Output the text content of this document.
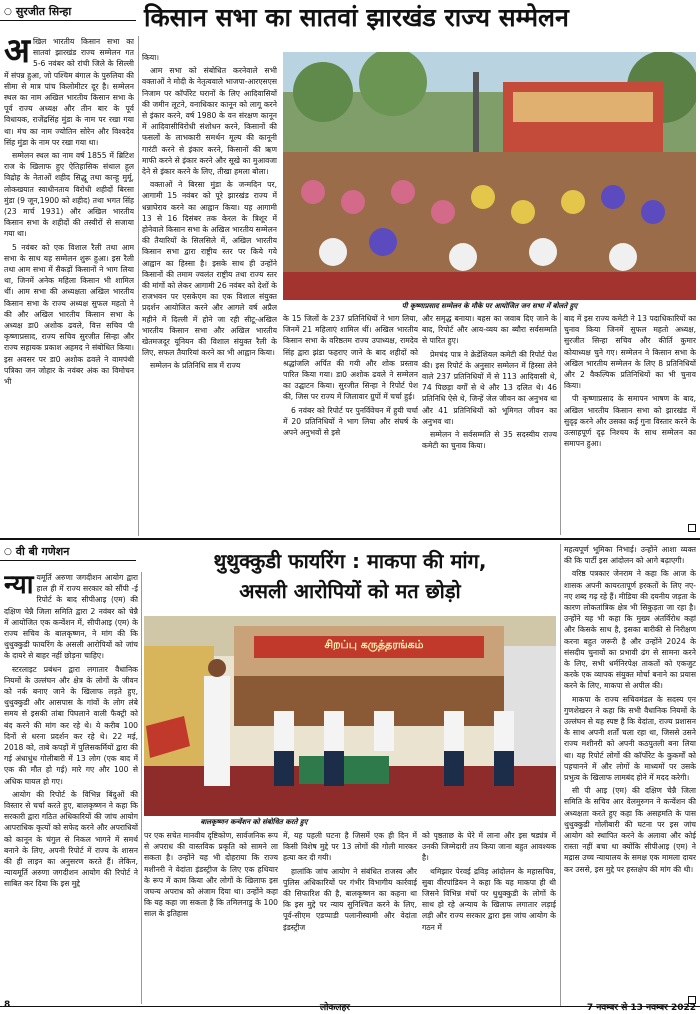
○ सुरजीत सिन्हा	किसान सभा का सातवां झारखंड राज्य सम्मेलन

अखिल भारतीय किसान सभा का सातवां झारखंड राज्य सम्मेलन गत 5-6 नवंबर को रांची जिले के सिल्ली में संपन्न हुआ, जो पश्चिम बंगाल के पुरुलिया की सीमा से मात्र पांच किलोमीटर दूर है। सम्मेलन स्थल का नाम अखिल भारतीय किसान सभा के पूर्व राज्य अध्यक्ष और तीन बार के पूर्व विधायक, राजेंद्रसिंह मुंडा के नाम पर रखा गया था। मंच का नाम ज्योतिन सोरेन और विश्वदेव सिंह मुंडा के नाम पर रखा गया था।

सम्मेलन स्थल का नाम वर्ष 1855 में ब्रिटिश राज के खिलाफ हुए ऐतिहासिक संथाल हूल विद्रोह के नेताओं शहीद सिद्धू तथा कान्हू मुर्मू, लोकखयात स्वाधीनताय विरोधी शहीदों बिरसा मुंडा (9 जून,1900 को शहीद) तथा भगत सिंह (23 मार्च 1931) और अखिल भारतीय किसान सभा के शहीदों की तस्वीरों से सजाया गया था।

5 नवंबर को एक विशाल रैली तथा आम सभा के साथ यह सम्मेलन शुरू हुआ। इस रैली तथा आम सभा में सैकड़ों किसानों ने भाग लिया था, जिनमें अनेक महिला किसान भी शामिल थीं। आम सभा की अध्यक्षता अखिल भारतीय किसान सभा के राज्य अध्यक्ष सुफल महतो ने की और अखिल भारतीय किसान सभा के अध्यक्ष डा0 अशोक ढवले, वित्त सचिव पी कृष्णाप्रसाद, राज्य सचिव सुरजीत सिन्हा और राज्य सहायक प्रकाश अहमद ने संबोधित किया। इस अवसर पर डा0 अशोक ढवले ने वामपंथी पत्रिका जन जोहार के नवंबर अंक का विमोचन भी

किया।

आम सभा को संबोधित करनेवाले सभी वक्ताओं ने मोदी के नेतृत्ववाले भाजपा-आरएसएस निजाम पर कॉर्पोरेट घरानों के लिए आदिवासियों की जमीन लूटने, वनाधिकार कानून को लागू करने से इंकार करने, वर्ष 1980 के वन संरक्षण कानून में आदिवासीविरोधी संशोधन करने, किसानों की फसलों के लाभकारी समर्थन मूल्य की कानूनी गारंटी करने से इंकार करने, किसानों की ऋण माफी करने से इंकार करने और सूखे का मुआवजा देने से इंकार करने के लिए, तीखा हमला बोला।

वक्ताओं ने बिरसा मुंडा के जन्मदिन पर, आगामी 15 नवंबर को पूरे झारखंड राज्य में धन्नाघेराव करने का आह्वान किया। यह आगामी 13 से 16 दिसंबर तक केरल के त्रिशूर में होनेवाले किसान सभा के अखिल भारतीय सम्मेलन की तैयारियों के सिलसिले में, अखिल भारतीय किसान सभा द्वारा राष्ट्रीय स्तर पर किये गये आह्वान का हिस्सा है। इसके साथ ही उन्होंने किसानों की तमाम ज्वलंत राष्ट्रीय तथा राज्य स्तर की मांगों को लेकर आगामी 26 नवंबर को देशों के राजभवन पर एसकेएम का एक विशाल संयुक्त प्रदर्शन आयोजित करने और आगले वर्ष अप्रैल महीने में दिल्ली में होने जा रही सीटू-अखिल भारतीय किसान सभा और अखिल भारतीय खेतमजदूर यूनियन की विशाल संयुक्त रैली के लिए, सफल तैयारियां करने का भी आह्वान किया।

सम्मेलन के प्रतिनिधि सत्र में राज्य

पी कृष्णाप्रसाद सम्मेलन के मौके पर आयोजित जन सभा में बोलते हुए

के 15 जिलों के 237 प्रतिनिधियों ने भाग लिया, जिनमें 21 महिलाएं शामिल थीं। अखिल भारतीय किसान सभा के वरिष्ठतम राज्य उपाध्यक्ष, रामदेव सिंह द्वारा झंडा फहराए जाने के बाद शहीदों को श्रद्धांजलि अर्पित की गयी और शोक प्रस्ताव पारित किया गया। डा0 अशोक ढवले ने सम्मेलन का उद्घाटन किया। सुरजीत सिन्हा ने रिपोर्ट पेश की, जिस पर राज्य में जिलावार ग्रुपों में चर्चा हुई।

6 नवंबर को रिपोर्ट पर पुनर्विवेचन में हुयी चर्चा में 20 प्रतिनिधियों ने भाग लिया और संघर्ष के अपने अनुभवों से इसे

और समृद्ध बनाया। बहस का जवाब दिए जाने के बाद, रिपोर्ट और आय-व्यय का ब्यौरा सर्वसम्मति से पारित हुए।

प्रेमचंद पात्र ने क्रेडेंशियल कमेटी की रिपोर्ट पेश की। इस रिपोर्ट के अनुसार सम्मेलन में हिस्सा लेने वाले 237 प्रतिनिधियों में से 113 आदिवासी थे, 74 पिछड़ा वर्गों से थे और 13 दलित थे। 46 प्रतिनिधि ऐसे थे, जिन्हें जेल जीवन का अनुभव था और 41 प्रतिनिधियों को भूमिगत जीवन का अनुभव था।

सम्मेलन ने सर्वसम्मति से 35 सदस्यीय राज्य कमेटी का चुनाव किया।

बाद में इस राज्य कमेटी ने 13 पदाधिकारियों का चुनाव किया जिनमें सुफल महतो अध्यक्ष, सुरजीत सिन्हा सचिव और कीर्ति कुमार कोयाध्यक्ष चुने गए। सम्मेलन ने किसान सभा के अखिल भारतीय सम्मेलन के लिए 8 प्रतिनिधियों और 2 वैकल्पिक प्रतिनिधियों का भी चुनाव किया।

पी कृष्णाप्रसाद के समापन भाषण के बाद, अखिल भारतीय किसान सभा को झारखंड में सुदृढ़ करने और उसका कई गुना विस्तार करने के उत्साहपूर्ण दृढ़ निश्चय के साथ सम्मेलन का समापन हुआ।

○ वी बी गणेशन	थुथुक्कुडी फायरिंग : माकपा की मांग,
असली आरोपियों को मत छोड़ो

न्या यमूर्ति अरुणा जगदीशन आयोग द्वारा हाल ही में राज्य सरकार को सौंपी -ई रिपोर्ट के बाद सीपीआइ (एम) की दक्षिण चेन्नै जिला समिति द्वारा 2 नवंबर को चेन्नै में आयोजित एक कन्वेंशन में, सीपीआइ (एम) के राज्य सचिव के बालकृष्णन, ने मांग की कि थुथुक्कुडी फायरिंग के असली आरोपियों को जांच के दायरे से बाहर नहीं छोड़ना चाहिए।

स्टरलाइट प्रबंधन द्वारा लगातार वैधानिक नियमों के उल्लंघन और क्षेत्र के लोगों के जीवन को नर्क बनाए जाने के खिलाफ लड़ते हुए, थुथुक्कुडी और आसपास के गांवों के लोग लंबे समय से इसकी तांबा पिघलाने वाली फैक्ट्री को बंद करने की मांग कर रहे थे। ये करीब 100 दिनों से धरना प्रदर्शन कर रहे थे। 22 मई, 2018 को, ताबे कपड़ों में पुलिसकर्मियों द्वारा की गई अंधाधुंध गोलीबारी में 13 लोग (एक बाद में एक की मौत हो गई) मारे गए और 100 से अधिक घायल हो गए।

आयोग की रिपोर्ट के विभिन्न बिंदुओं की विस्तार से चर्चा करते हुए, बालकृष्णन ने कहा कि सरकारी द्वारा गठित अधिकारियों की जांच आयोग आपराधिक कृत्यों को सफेद करने और अपराधियों को कानून के चंगुल से निकल भागने में समर्थ बनाने के लिए, अपनी रिपोर्ट में राज्य के शासन की ही लाइन का अनुसरण करते हैं। लेकिन, न्यायमूर्ति अरुणा जगदीशन आयोग की रिपोर्ट ने साबित कर दिया कि इस मुद्दे

சிறப்பு கருத்தரங்கம்
बालकृष्णन कन्वेंशन को संबोधित करते हुए

पर एक सचेत मानवीय दृष्टिकोण, सार्वजनिक रूप से अपराध की वास्तविक प्रकृति को सामने ला सकता है। उन्होंने यह भी दोहराया कि राज्य मशीनरी ने वेदांता इंडस्ट्रीज के लिए एक हथियार के रूप में काम किया और लोगों के खिलाफ इस जघन्य अपराध को अंजाम दिया था। उन्होंने कहा कि यह कहा जा सकता है कि तमिलनाडु के 100 साल के इतिहास

में, यह पहली घटना है जिसमें एक ही दिन में किसी विशेष मुद्दे पर 13 लोगों की गोली मारकर हत्या कर दी गयी।

हालांकि जांच आयोग ने संबंधित राजस्व और पुलिस अधिकारियों पर गंभीर विभागीय कार्रवाई की सिफारिश की है, बालकृष्णन का कहना था कि इस मुद्दे पर न्याय सुनिश्चित करने के लिए, पूर्व-सीएम एडप्पाडी पलानीस्वामी और वेदांता इंडस्ट्रीज

को पृष्ठताछ के घेरे में लाना और इस षड्यंत्र में उनकी जिम्मेदारी तय किया जाना बहुत आवश्यक है।

थमिझार पेरवई द्रविड़ आंदोलन के महासचिव, सुबा वीरपांडियन ने कहा कि यह माकपा ही थी जिसने विभिन्न मंचों पर थुथुक्कुडी के लोगों के साथ हो रहे अन्याय के खिलाफ लगातार लड़ाई लड़ी और राज्य सरकार द्वारा इस जांच आयोग के गठन में

महत्वपूर्ण भूमिका निभाई। उन्होंने आशा व्यक्त की कि पार्टी इस आंदोलन को आगे बढ़ाएगी।

वरिष्ठ पत्रकार जेनराम ने कहा कि आज के शासक अपनी कायरतापूर्ण हरकतों के लिए नए-नए शब्द गढ़ रहे हैं। मीडिया की दयनीय जड़ता के कारण लोकतांत्रिक क्षेत्र भी सिकुड़ता जा रहा है। उन्होंने यह भी कहा कि मुख्य अंतर्विरोध कहां और किसके साथ है, इसका बारीकी से निरीक्षण करना बहुत जरूरी है और उन्होंने 2024 के संसदीय चुनावों का प्रभावी ढंग से सामना करने के लिए, सभी धर्मनिरपेक्ष ताकतों को एकजुट करके एक व्यापक संयुक्त मोर्चा बनाने का प्रयास करने के लिए, माकपा से अपील की।

माकपा के राज्य सचिवमंडल के सदस्य एन गुणशेखरन ने कहा कि सभी वैधानिक नियमों के उल्लंघन से यह स्पष्ट है कि वेदांता, राज्य प्रशासन के साथ अपनी शर्तों चला रहा था, जिससे उसने राज्य मशीनरी को अपनी कठपुतली बना लिया था। यह रिपोर्ट लोगों की कॉर्पोरेट के कुकर्मों को पहचानने में और लोगों के माध्यमों पर उसके प्रभुत्व के खिलाफ लामबंद होने में मदद करेगी।

सी पी आइ (एम) की दक्षिण चेन्नै जिला समिति के सचिव आर वेलमुरुगन ने कन्वेंशन की अध्यक्षता करते हुए कहा कि असहमति के पास थुथुक्कुडी गोलीबारी की घटना पर इस जांच आयोग को स्थापित करने के अलावा और कोई रास्ता नहीं बचा था क्योंकि सीपीआइ (एम) ने मद्रास उच्च न्यायालय के समक्ष एक मामला दायर कर उससे, इस मुद्दे पर हस्तक्षेप की मांग की थी।

8	लोकलहर	7 नवम्बर से 13 नवम्बर 2022
